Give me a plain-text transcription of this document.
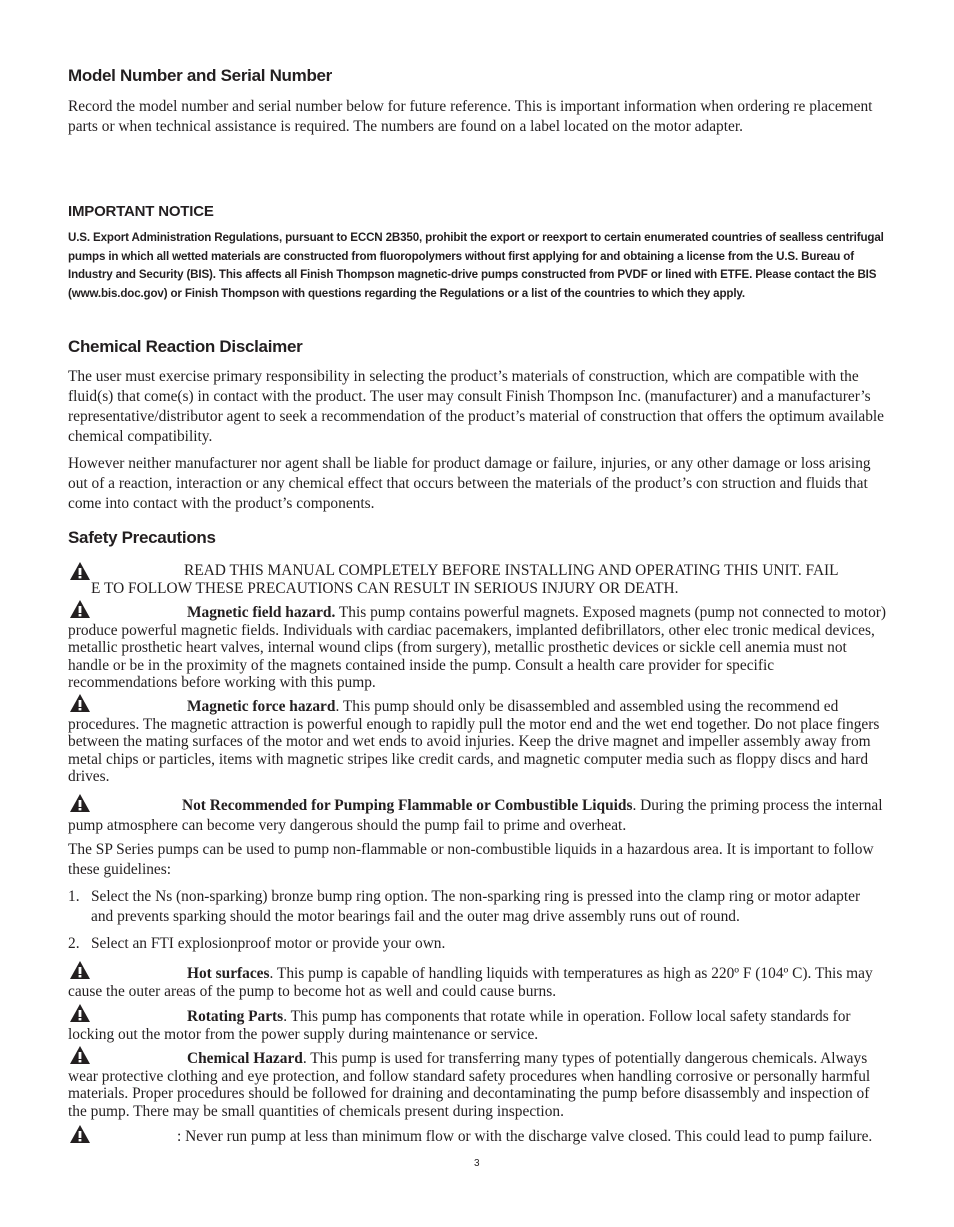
Model Number and Serial Number

Record the model number and serial number below for future reference. This is important information when ordering re placement parts or when technical assistance is required. The numbers are found on a label located on the motor adapter.

IMPORTANT NOTICE

U.S. Export Administration Regulations, pursuant to ECCN 2B350, prohibit the export or reexport to certain enumerated countries of sealless centrifugal pumps in which all wetted materials are constructed from fluoropolymers without first applying for and obtaining a license from the U.S. Bureau of Industry and Security (BIS). This affects all Finish Thompson magnetic-drive pumps constructed from PVDF or lined with ETFE. Please contact the BIS (www.bis.doc.gov) or Finish Thompson with questions regarding the Regulations or a list of the countries to which they apply.

Chemical Reaction Disclaimer

The user must exercise primary responsibility in selecting the product’s materials of construction, which are compatible with the fluid(s) that come(s) in contact with the product. The user may consult Finish Thompson Inc. (manufacturer) and a manufacturer’s representative/distributor agent to seek a recommendation of the product’s material of construction that offers the optimum available chemical compatibility.

However neither manufacturer nor agent shall be liable for product damage or failure, injuries, or any other damage or loss arising out of a reaction, interaction or any chemical effect that occurs between the materials of the product’s con struction and fluids that come into contact with the product’s components.

Safety Precautions
READ THIS MANUAL COMPLETELY BEFORE INSTALLING AND OPERATING THIS UNIT. FAIL
E TO FOLLOW THESE PRECAUTIONS CAN RESULT IN SERIOUS INJURY OR DEATH.

Magnetic field hazard. This pump contains powerful magnets. Exposed magnets (pump not connected to motor) produce powerful magnetic fields. Individuals with cardiac pacemakers, implanted defibrillators, other elec tronic medical devices, metallic prosthetic heart valves, internal wound clips (from surgery), metallic prosthetic devices or sickle cell anemia must not handle or be in the proximity of the magnets contained inside the pump. Consult a health care provider for specific recommendations before working with this pump.

Magnetic force hazard. This pump should only be disassembled and assembled using the recommend ed procedures. The magnetic attraction is powerful enough to rapidly pull the motor end and the wet end together. Do not place fingers between the mating surfaces of the motor and wet ends to avoid injuries. Keep the drive magnet and impeller assembly away from metal chips or particles, items with magnetic stripes like credit cards, and magnetic computer media such as floppy discs and hard drives.

Not Recommended for Pumping Flammable or Combustible Liquids. During the priming process the internal pump atmosphere can become very dangerous should the pump fail to prime and overheat.

The SP Series pumps can be used to pump non-flammable or non-combustible liquids in a hazardous area. It is important to follow these guidelines:

1. Select the Ns (non-sparking) bronze bump ring option. The non-sparking ring is pressed into the clamp ring or motor adapter and prevents sparking should the motor bearings fail and the outer mag drive assembly runs out of round.
2. Select an FTI explosionproof motor or provide your own.

Hot surfaces. This pump is capable of handling liquids with temperatures as high as 220º F (104º C). This may cause the outer areas of the pump to become hot as well and could cause burns.

Rotating Parts. This pump has components that rotate while in operation. Follow local safety standards for locking out the motor from the power supply during maintenance or service.

Chemical Hazard. This pump is used for transferring many types of potentially dangerous chemicals. Always wear protective clothing and eye protection, and follow standard safety procedures when handling corrosive or personally harmful materials. Proper procedures should be followed for draining and decontaminating the pump before disassembly and inspection of the pump. There may be small quantities of chemicals present during inspection.

: Never run pump at less than minimum flow or with the discharge valve closed. This could lead to pump failure.

3
